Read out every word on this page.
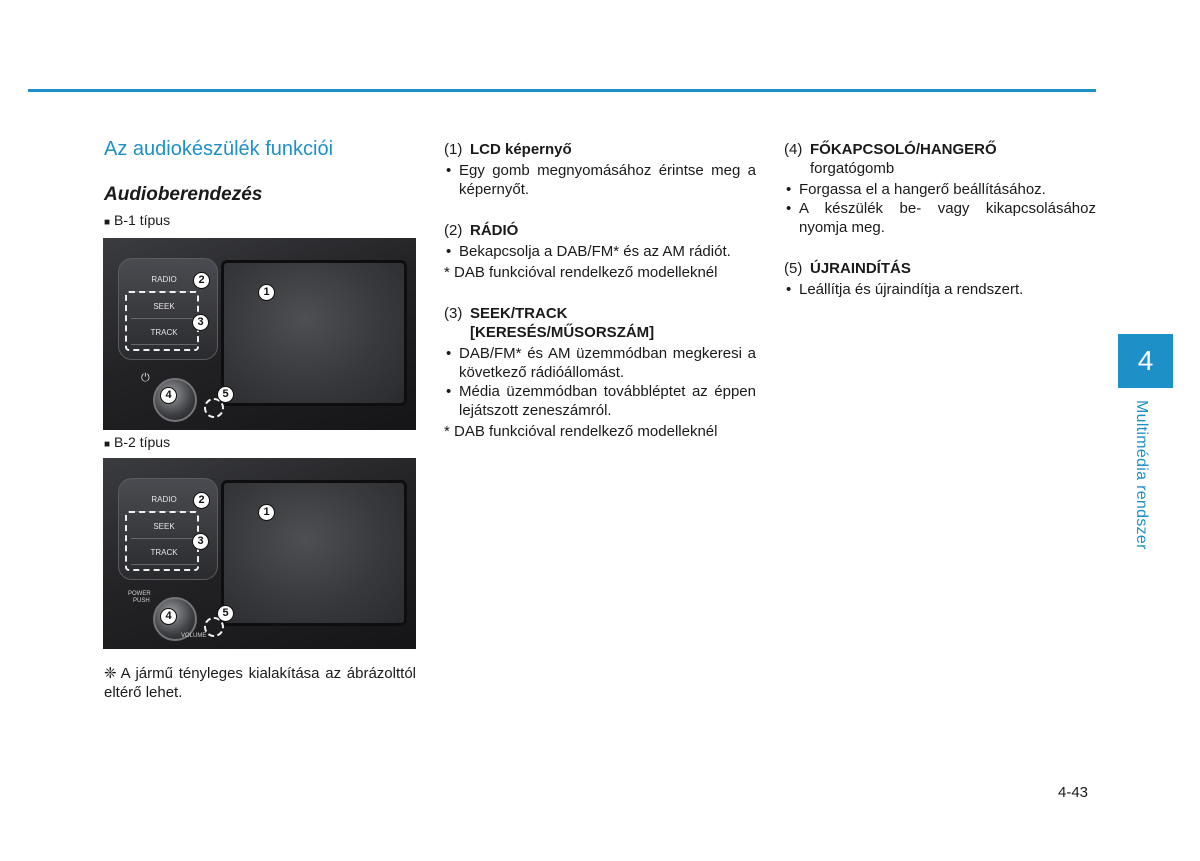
Az audiokészülék funkciói
Audioberendezés
■ B-1 típus
RADIO
SEEK
TRACK
⏻
1
2
3
4	5
■ B-2 típus
RADIO
SEEK
TRACK
POWER
PUSH
VOLUME
1
2
3
4	5
❈ A jármű tényleges kialakítása az ábrázolttól eltérő lehet.
(1) LCD képernyő
• Egy gomb megnyomásához érintse meg a képernyőt.
(2) RÁDIÓ
• Bekapcsolja a DAB/FM* és az AM rádiót.
* DAB funkcióval rendelkező modelleknél
(3) SEEK/TRACK
[KERESÉS/MŰSORSZÁM]
• DAB/FM* és AM üzemmódban megkeresi a következő rádióállomást.
• Média üzemmódban továbbléptet az éppen lejátszott zeneszámról.
* DAB funkcióval rendelkező modelleknél
(4) FŐKAPCSOLÓ/HANGERŐ
forgatógomb
• Forgassa el a hangerő beállításához.
• A készülék be- vagy kikapcsolásához nyomja meg.
(5) ÚJRAINDÍTÁS
• Leállítja és újraindítja a rendszert.
4
Multimédia rendszer
4-43
